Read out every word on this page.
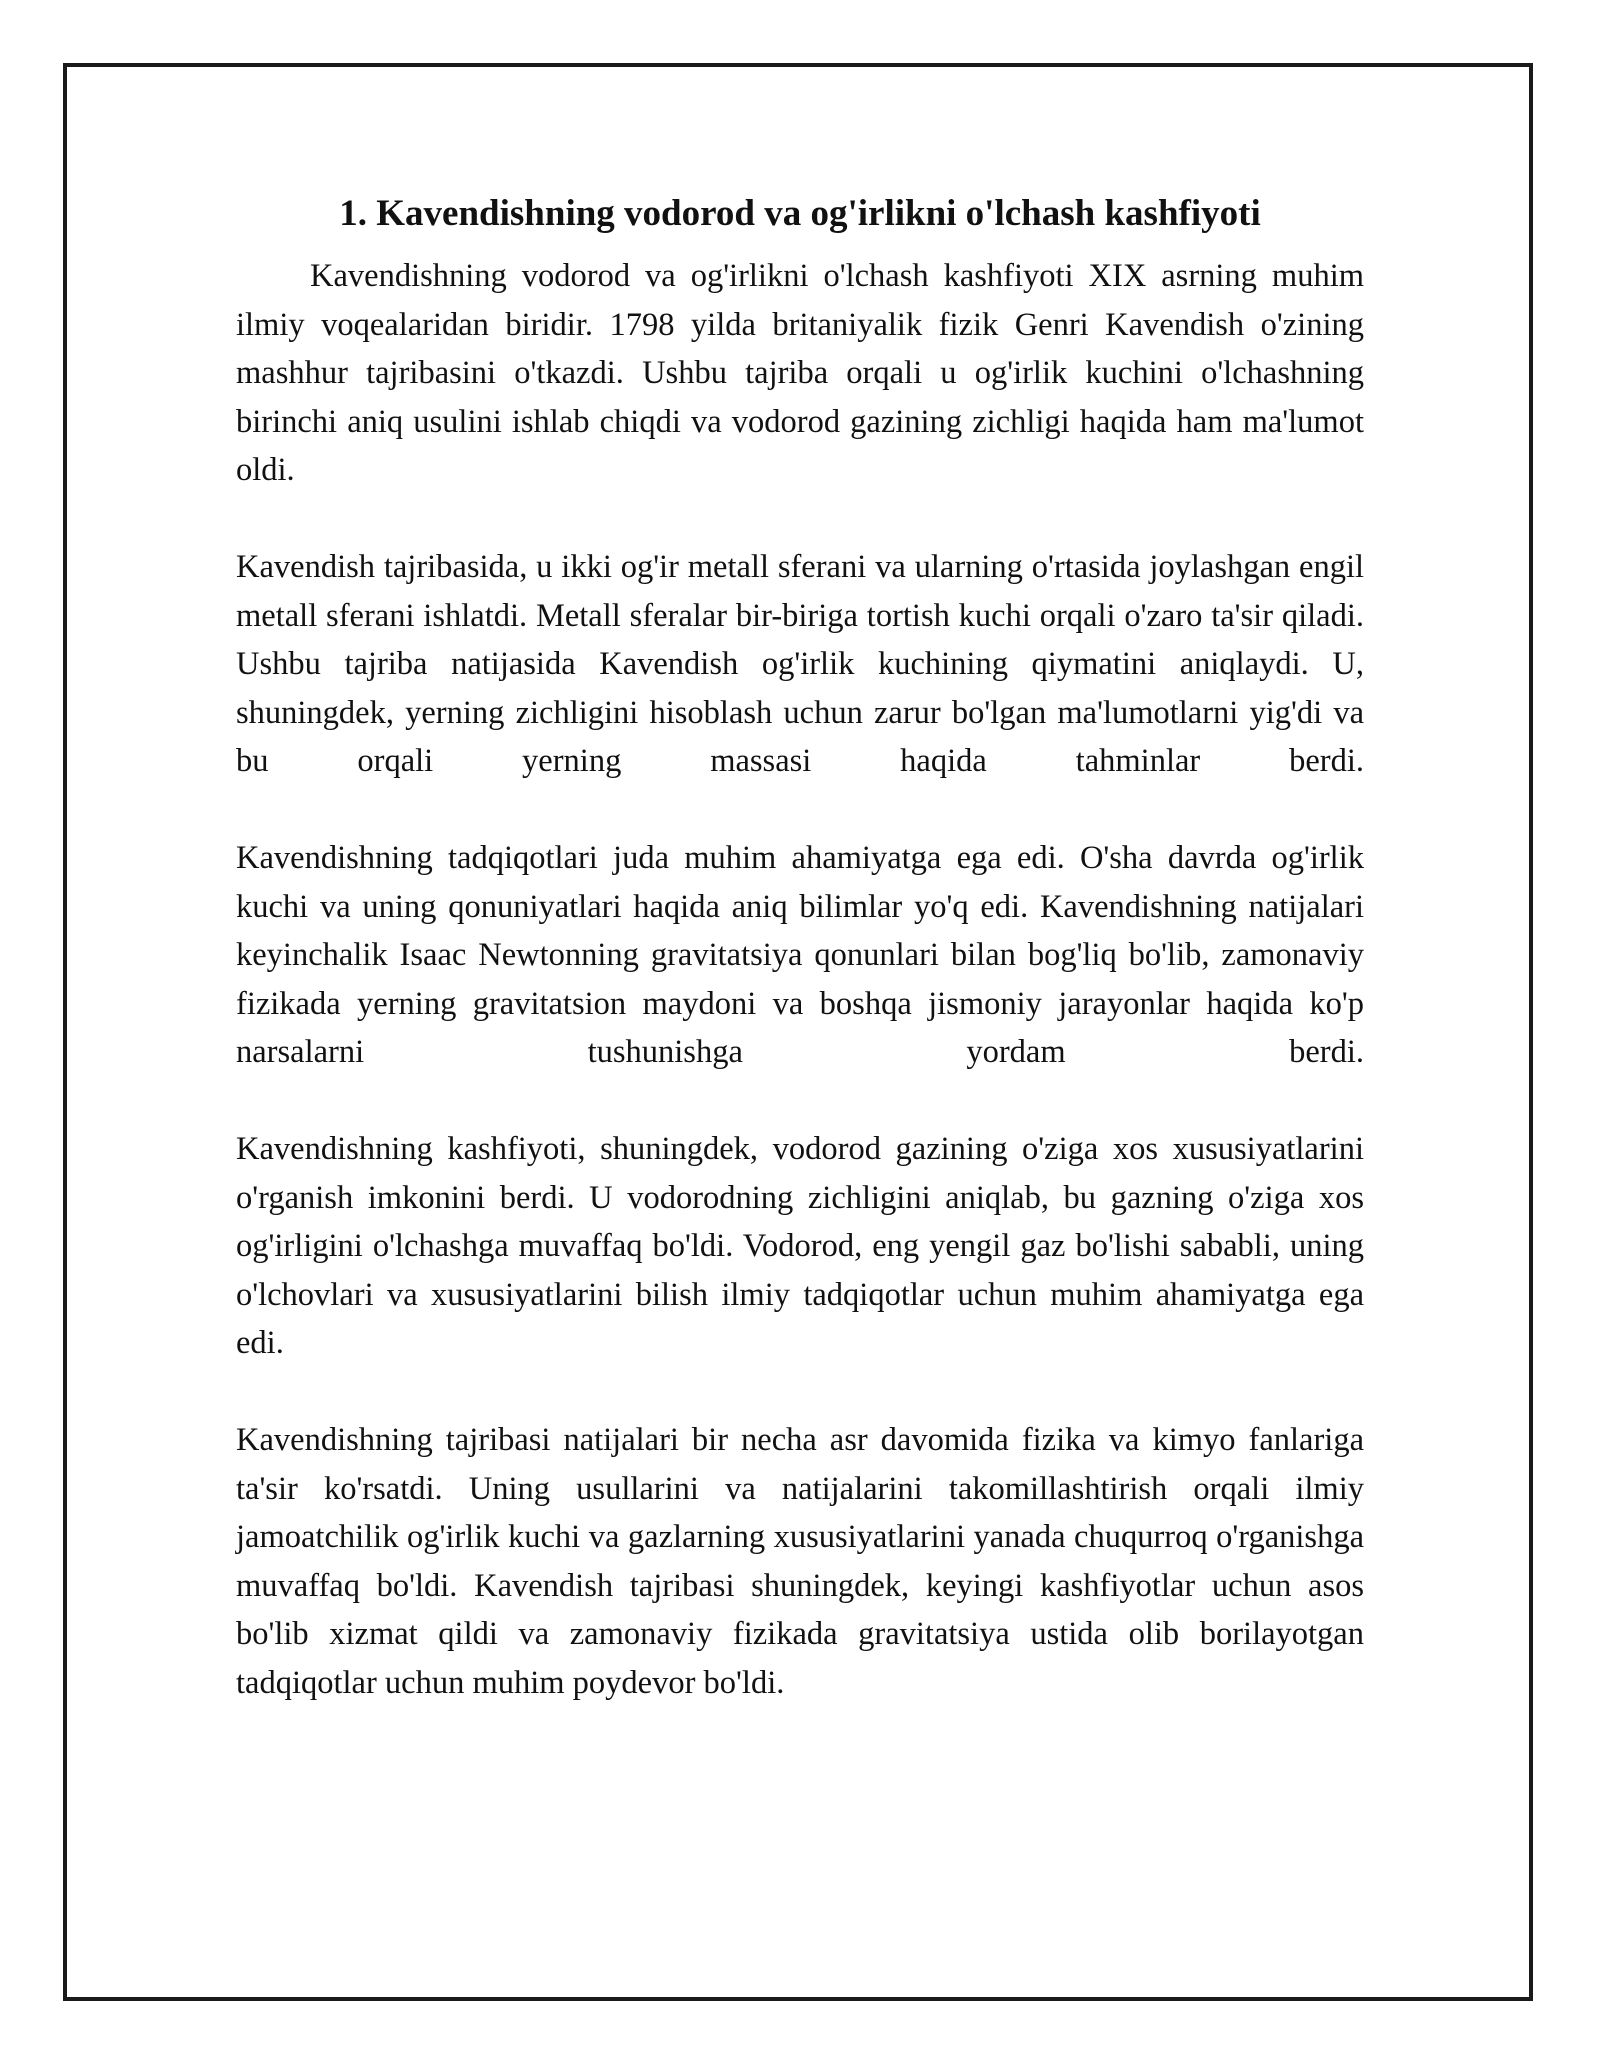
1. Kavendishning vodorod va og'irlikni o'lchash kashfiyoti

Kavendishning vodorod va og'irlikni o'lchash kashfiyoti XIX asrning muhim ilmiy voqealaridan biridir. 1798 yilda britaniyalik fizik Genri Kavendish o'zining mashhur tajribasini o'tkazdi. Ushbu tajriba orqali u og'irlik kuchini o'lchashning birinchi aniq usulini ishlab chiqdi va vodorod gazining zichligi haqida ham ma'lumot oldi.

Kavendish tajribasida, u ikki og'ir metall sferani va ularning o'rtasida joylashgan engil metall sferani ishlatdi. Metall sferalar bir-biriga tortish kuchi orqali o'zaro ta'sir qiladi. Ushbu tajriba natijasida Kavendish og'irlik kuchining qiymatini aniqlaydi. U, shuningdek, yerning zichligini hisoblash uchun zarur bo'lgan ma'lumotlarni yig'di va bu orqali yerning massasi haqida tahminlar berdi.

Kavendishning tadqiqotlari juda muhim ahamiyatga ega edi. O'sha davrda og'irlik kuchi va uning qonuniyatlari haqida aniq bilimlar yo'q edi. Kavendishning natijalari keyinchalik Isaac Newtonning gravitatsiya qonunlari bilan bog'liq bo'lib, zamonaviy fizikada yerning gravitatsion maydoni va boshqa jismoniy jarayonlar haqida ko'p narsalarni tushunishga yordam berdi.

Kavendishning kashfiyoti, shuningdek, vodorod gazining o'ziga xos xususiyatlarini o'rganish imkonini berdi. U vodorodning zichligini aniqlab, bu gazning o'ziga xos og'irligini o'lchashga muvaffaq bo'ldi. Vodorod, eng yengil gaz bo'lishi sababli, uning o'lchovlari va xususiyatlarini bilish ilmiy tadqiqotlar uchun muhim ahamiyatga ega edi.

Kavendishning tajribasi natijalari bir necha asr davomida fizika va kimyo fanlariga ta'sir ko'rsatdi. Uning usullarini va natijalarini takomillashtirish orqali ilmiy jamoatchilik og'irlik kuchi va gazlarning xususiyatlarini yanada chuqurroq o'rganishga muvaffaq bo'ldi. Kavendish tajribasi shuningdek, keyingi kashfiyotlar uchun asos bo'lib xizmat qildi va zamonaviy fizikada gravitatsiya ustida olib borilayotgan tadqiqotlar uchun muhim poydevor bo'ldi.
